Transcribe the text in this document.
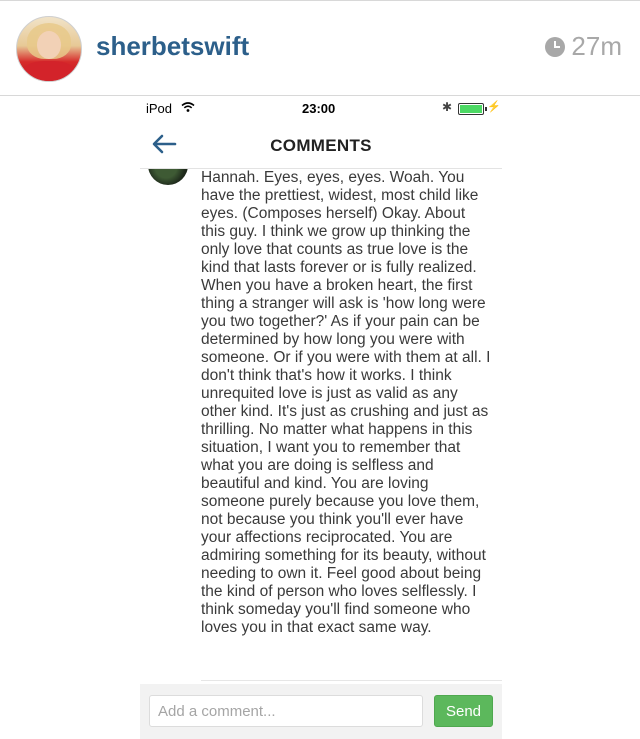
sherbetswift	27m
iPod	23:00	✱	⚡
COMMENTS
Hannah. Eyes, eyes, eyes. Woah. You have the prettiest, widest, most child like eyes. (Composes herself) Okay. About this guy. I think we grow up thinking the only love that counts as true love is the kind that lasts forever or is fully realized. When you have a broken heart, the first thing a stranger will ask is 'how long were you two together?' As if your pain can be determined by how long you were with someone. Or if you were with them at all. I don't think that's how it works. I think unrequited love is just as valid as any other kind. It's just as crushing and just as thrilling. No matter what happens in this situation, I want you to remember that what you are doing is selfless and beautiful and kind. You are loving someone purely because you love them, not because you think you'll ever have your affections reciprocated. You are admiring something for its beauty, without needing to own it. Feel good about being the kind of person who loves selflessly. I think someday you'll find someone who loves you in that exact same way.
Add a comment...
Send
